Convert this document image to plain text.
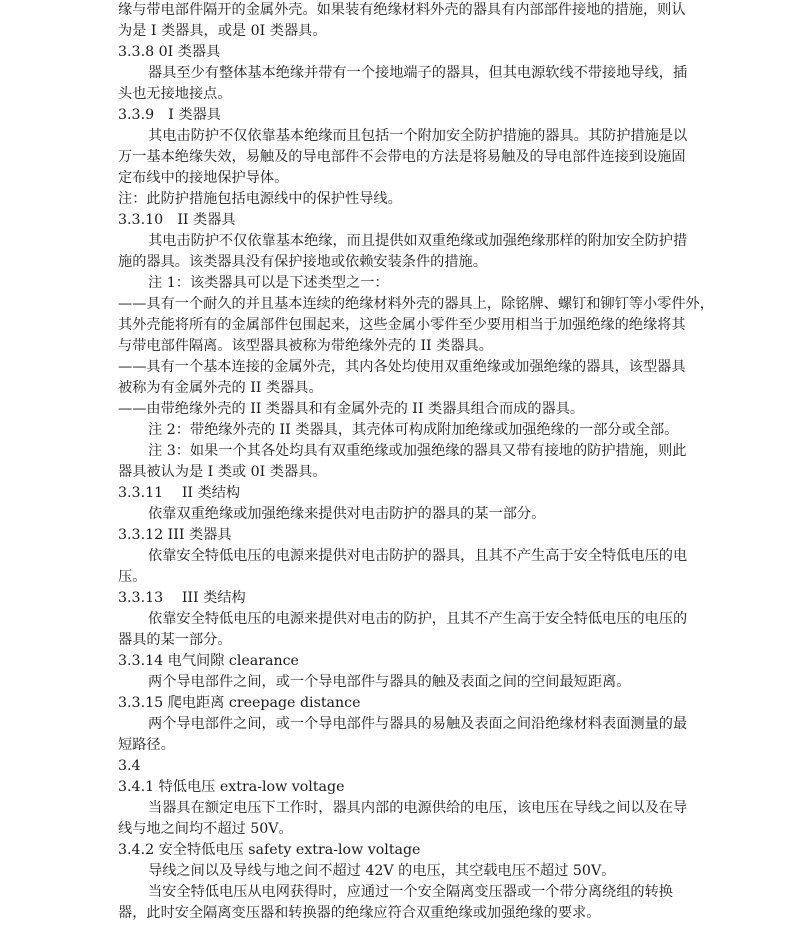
缘与带电部件隔开的金属外壳。如果装有绝缘材料外壳的器具有内部部件接地的措施，则认

为是 I 类器具，或是 0I 类器具。

3.3.8 0I 类器具

器具至少有整体基本绝缘并带有一个接地端子的器具，但其电源软线不带接地导线，插

头也无接地接点。

3.3.9　I 类器具

其电击防护不仅依靠基本绝缘而且包括一个附加安全防护措施的器具。其防护措施是以

万一基本绝缘失效，易触及的导电部件不会带电的方法是将易触及的导电部件连接到设施固

定布线中的接地保护导体。

注：此防护措施包括电源线中的保护性导线。

3.3.10　II 类器具

其电击防护不仅依靠基本绝缘，而且提供如双重绝缘或加强绝缘那样的附加安全防护措

施的器具。该类器具没有保护接地或依赖安装条件的措施。

注 1：该类器具可以是下述类型之一：

——具有一个耐久的并且基本连续的绝缘材料外壳的器具上，除铭牌、螺钉和铆钉等小零件外，

其外壳能将所有的金属部件包围起来，这些金属小零件至少要用相当于加强绝缘的绝缘将其

与带电部件隔离。该型器具被称为带绝缘外壳的 II 类器具。

——具有一个基本连接的金属外壳，其内各处均使用双重绝缘或加强绝缘的器具，该型器具

被称为有金属外壳的 II 类器具。

——由带绝缘外壳的 II 类器具和有金属外壳的 II 类器具组合而成的器具。

注 2：带绝缘外壳的 II 类器具，其壳体可构成附加绝缘或加强绝缘的一部分或全部。

注 3：如果一个其各处均具有双重绝缘或加强绝缘的器具又带有接地的防护措施，则此

器具被认为是 I 类或 0I 类器具。

3.3.11　 II 类结构

依靠双重绝缘或加强绝缘来提供对电击防护的器具的某一部分。

3.3.12 III 类器具

依靠安全特低电压的电源来提供对电击防护的器具，且其不产生高于安全特低电压的电

压。

3.3.13　 III 类结构

依靠安全特低电压的电源来提供对电击的防护，且其不产生高于安全特低电压的电压的

器具的某一部分。

3.3.14 电气间隙 clearance

两个导电部件之间，或一个导电部件与器具的触及表面之间的空间最短距离。

3.3.15 爬电距离 creepage distance

两个导电部件之间，或一个导电部件与器具的易触及表面之间沿绝缘材料表面测量的最

短路径。

3.4

3.4.1 特低电压 extra-low voltage

当器具在额定电压下工作时，器具内部的电源供给的电压，该电压在导线之间以及在导

线与地之间均不超过 50V。

3.4.2 安全特低电压 safety extra-low voltage

导线之间以及导线与地之间不超过 42V 的电压，其空载电压不超过 50V。

当安全特低电压从电网获得时，应通过一个安全隔离变压器或一个带分离绕组的转换

器，此时安全隔离变压器和转换器的绝缘应符合双重绝缘或加强绝缘的要求。
